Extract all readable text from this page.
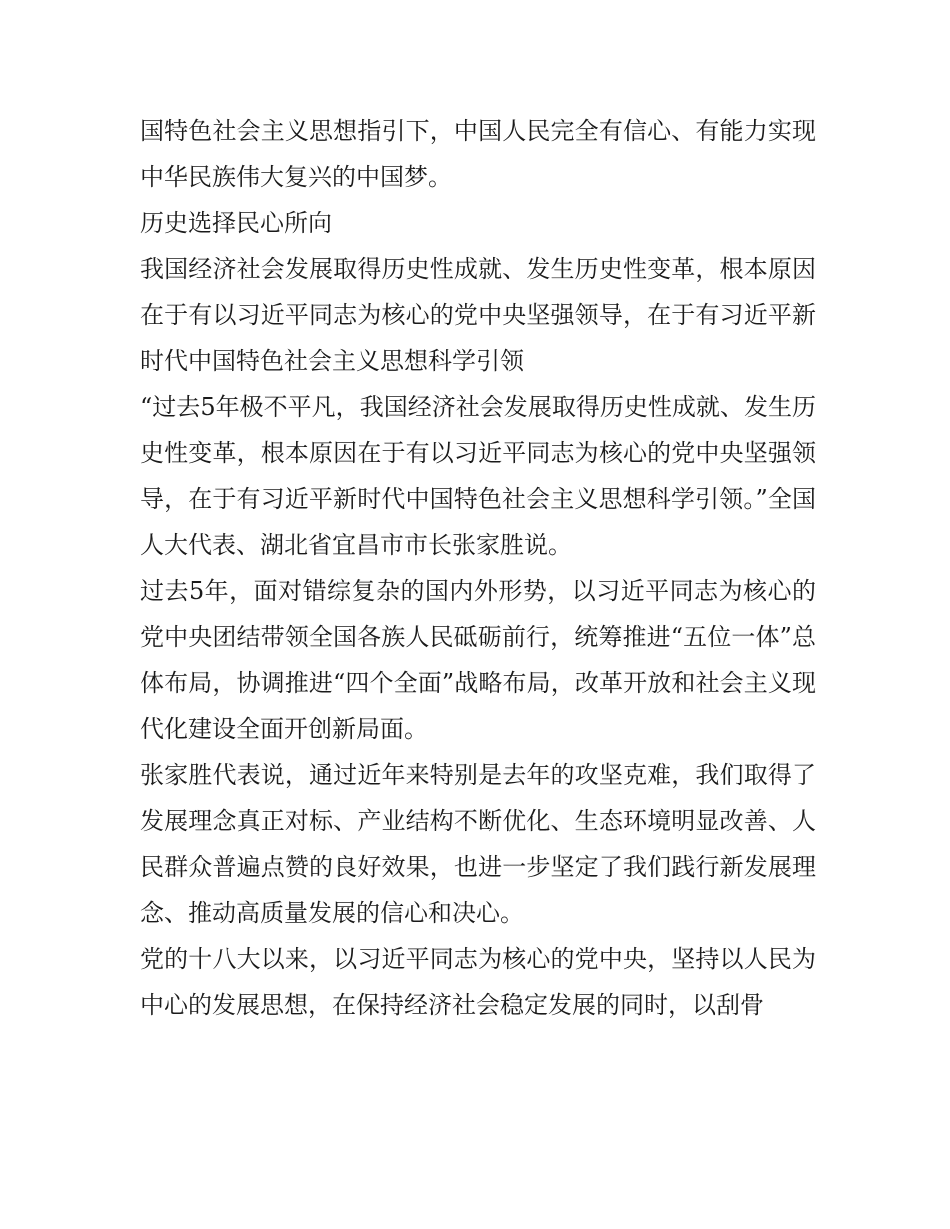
国特色社会主义思想指引下，中国人民完全有信心、有能力实现中华民族伟大复兴的中国梦。

历史选择民心所向

我国经济社会发展取得历史性成就、发生历史性变革，根本原因在于有以习近平同志为核心的党中央坚强领导，在于有习近平新时代中国特色社会主义思想科学引领

“过去5年极不平凡，我国经济社会发展取得历史性成就、发生历史性变革，根本原因在于有以习近平同志为核心的党中央坚强领导，在于有习近平新时代中国特色社会主义思想科学引领。”全国人大代表、湖北省宜昌市市长张家胜说。

过去5年，面对错综复杂的国内外形势，以习近平同志为核心的党中央团结带领全国各族人民砥砺前行，统筹推进“五位一体”总体布局，协调推进“四个全面”战略布局，改革开放和社会主义现代化建设全面开创新局面。

张家胜代表说，通过近年来特别是去年的攻坚克难，我们取得了发展理念真正对标、产业结构不断优化、生态环境明显改善、人民群众普遍点赞的良好效果，也进一步坚定了我们践行新发展理念、推动高质量发展的信心和决心。

党的十八大以来，以习近平同志为核心的党中央，坚持以人民为中心的发展思想，在保持经济社会稳定发展的同时，以刮骨
